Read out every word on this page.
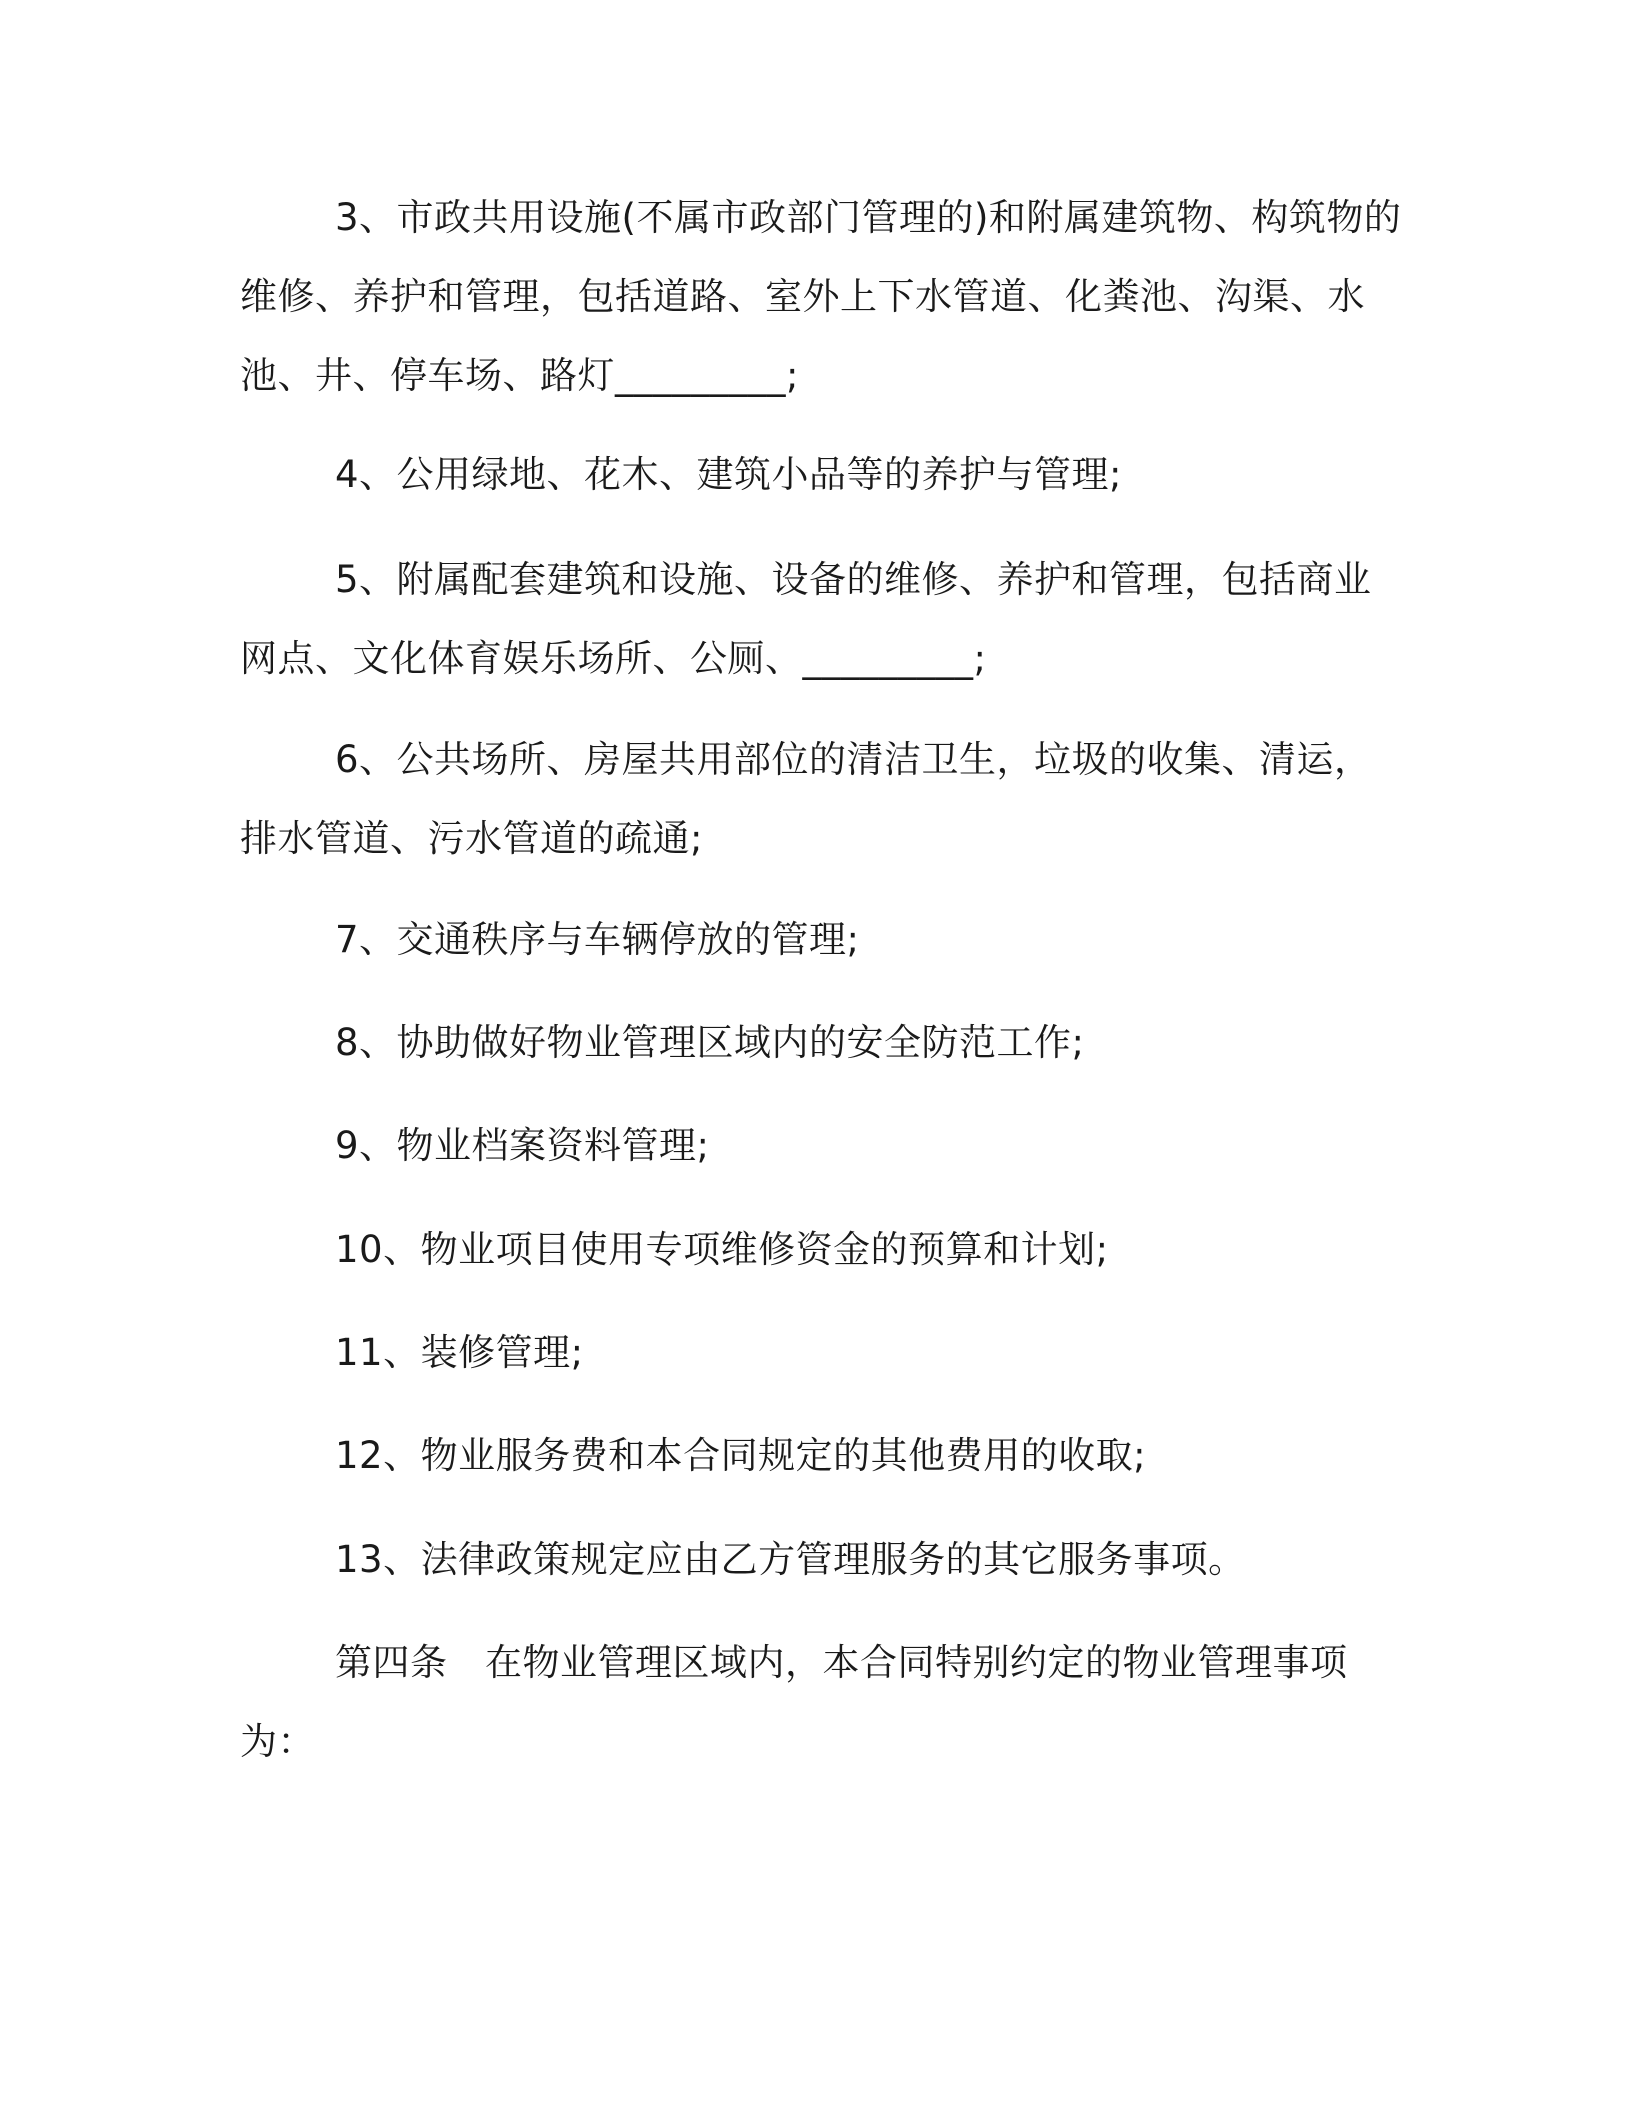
3、市政共用设施(不属市政部门管理的)和附属建筑物、构筑物的
维修、养护和管理，包括道路、室外上下水管道、化粪池、沟渠、水
池、井、停车场、路灯_________;
4、公用绿地、花木、建筑小品等的养护与管理;
5、附属配套建筑和设施、设备的维修、养护和管理，包括商业
网点、文化体育娱乐场所、公厕、_________;
6、公共场所、房屋共用部位的清洁卫生，垃圾的收集、清运，
排水管道、污水管道的疏通;
7、交通秩序与车辆停放的管理;
8、协助做好物业管理区域内的安全防范工作;
9、物业档案资料管理;
10、物业项目使用专项维修资金的预算和计划;
11、装修管理;
12、物业服务费和本合同规定的其他费用的收取;
13、法律政策规定应由乙方管理服务的其它服务事项。
第四条　在物业管理区域内，本合同特别约定的物业管理事项
为：
